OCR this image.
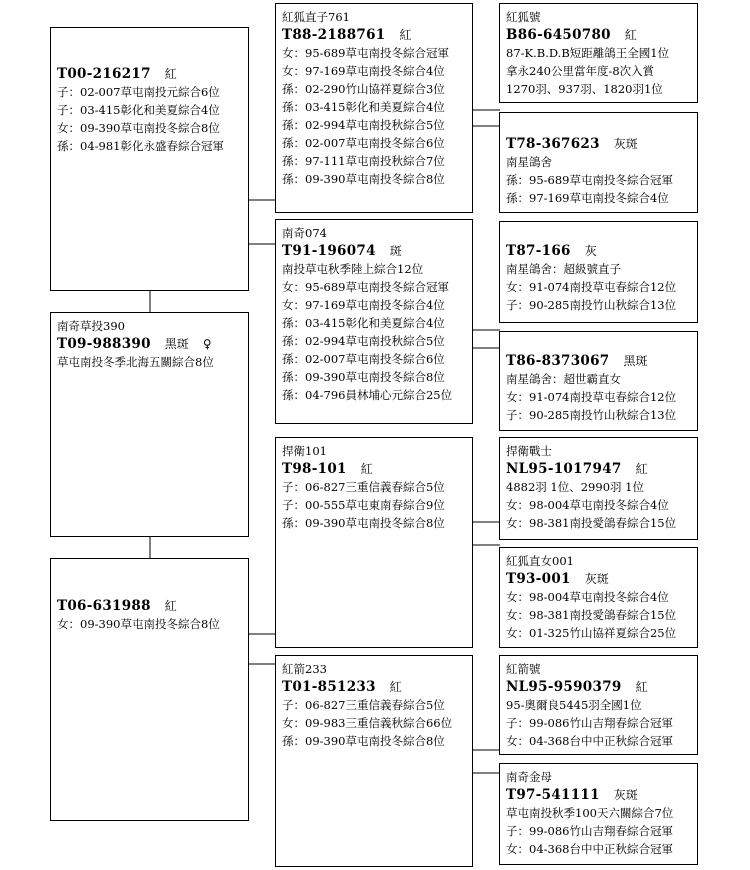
南奇草投390
T09-988390 黑斑 ♀
草屯南投冬季北海五關綜合8位
T00-216217 紅
子：02-007草屯南投元綜合6位
子：03-415彰化和美夏綜合4位
女：09-390草屯南投冬綜合8位
孫：04-981彰化永盛春綜合冠軍
T06-631988 紅
女：09-390草屯南投冬綜合8位
紅狐直子761
T88-2188761 紅
女：95-689草屯南投冬綜合冠軍
女：97-169草屯南投冬綜合4位
孫：02-290竹山協祥夏綜合3位
孫：03-415彰化和美夏綜合4位
孫：02-994草屯南投秋綜合5位
孫：02-007草屯南投冬綜合6位
孫：97-111草屯南投秋綜合7位
孫：09-390草屯南投冬綜合8位
南奇074
T91-196074 斑
南投草屯秋季陸上綜合12位
女：95-689草屯南投冬綜合冠軍
女：97-169草屯南投冬綜合4位
孫：03-415彰化和美夏綜合4位
孫：02-994草屯南投秋綜合5位
孫：02-007草屯南投冬綜合6位
孫：09-390草屯南投冬綜合8位
孫：04-796員林埔心元綜合25位
捍衛101
T98-101 紅
子：06-827三重信義春綜合5位
子：00-555草屯東南春綜合9位
孫：09-390草屯南投冬綜合8位
紅箭233
T01-851233 紅
子：06-827三重信義春綜合5位
女：09-983三重信義秋綜合66位
孫：09-390草屯南投冬綜合8位
紅狐號
B86-6450780 紅
87-K.B.D.B短距離鴿王全國1位
拿永240公里當年度-8次入賞
1270羽、937羽、1820羽1位
T78-367623 灰斑
南星鴿舍
孫：95-689草屯南投冬綜合冠軍
孫：97-169草屯南投冬綜合4位
T87-166 灰
南星鴿舍：超級號直子
女：91-074南投草屯春綜合12位
子：90-285南投竹山秋綜合13位
T86-8373067 黑斑
南星鴿舍：超世霸直女
女：91-074南投草屯春綜合12位
子：90-285南投竹山秋綜合13位
捍衛戰士
NL95-1017947 紅
4882羽 1位、2990羽 1位
女：98-004草屯南投冬綜合4位
女：98-381南投愛鴿春綜合15位
紅狐直女001
T93-001 灰斑
女：98-004草屯南投冬綜合4位
女：98-381南投愛鴿春綜合15位
女：01-325竹山協祥夏綜合25位
紅箭號
NL95-9590379 紅
95-奧爾良5445羽全國1位
子：99-086竹山吉翔春綜合冠軍
女：04-368台中中正秋綜合冠軍
南奇金母
T97-541111 灰斑
草屯南投秋季100天六關綜合7位
子：99-086竹山吉翔春綜合冠軍
女：04-368台中中正秋綜合冠軍
